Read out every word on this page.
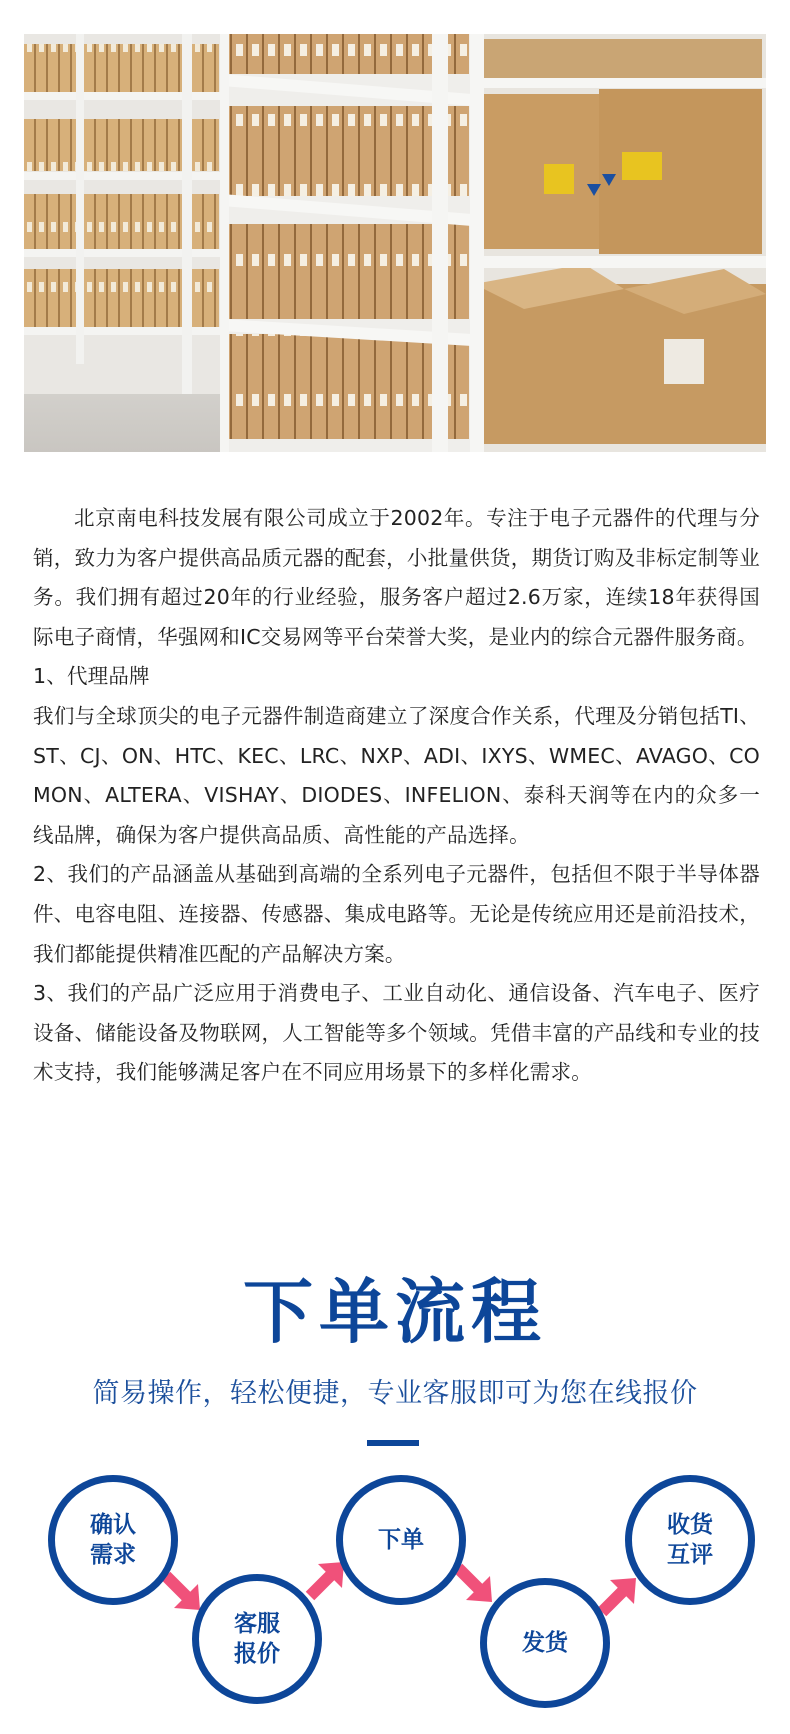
北京南电科技发展有限公司成立于2002年。专注于电子元器件的代理与分销，致力为客户提供高品质元器的配套，小批量供货，期货订购及非标定制等业务。我们拥有超过20年的行业经验，服务客户超过2.6万家，连续18年获得国际电子商情，华强网和IC交易网等平台荣誉大奖，是业内的综合元器件服务商。

1、代理品牌

我们与全球顶尖的电子元器件制造商建立了深度合作关系，代理及分销包括TI、ST、CJ、ON、HTC、KEC、LRC、NXP、ADI、IXYS、WMEC、AVAGO、COMON、ALTERA、VISHAY、DIODES、INFELION、泰科天润等在内的众多一线品牌，确保为客户提供高品质、高性能的产品选择。

2、我们的产品涵盖从基础到高端的全系列电子元器件，包括但不限于半导体器件、电容电阻、连接器、传感器、集成电路等。无论是传统应用还是前沿技术，我们都能提供精准匹配的产品解决方案。

3、我们的产品广泛应用于消费电子、工业自动化、通信设备、汽车电子、医疗设备、储能设备及物联网，人工智能等多个领域。凭借丰富的产品线和专业的技术支持，我们能够满足客户在不同应用场景下的多样化需求。

下单流程
简易操作，轻松便捷，专业客服即可为您在线报价
确认
需求
客服
报价
下单
发货
收货
互评
